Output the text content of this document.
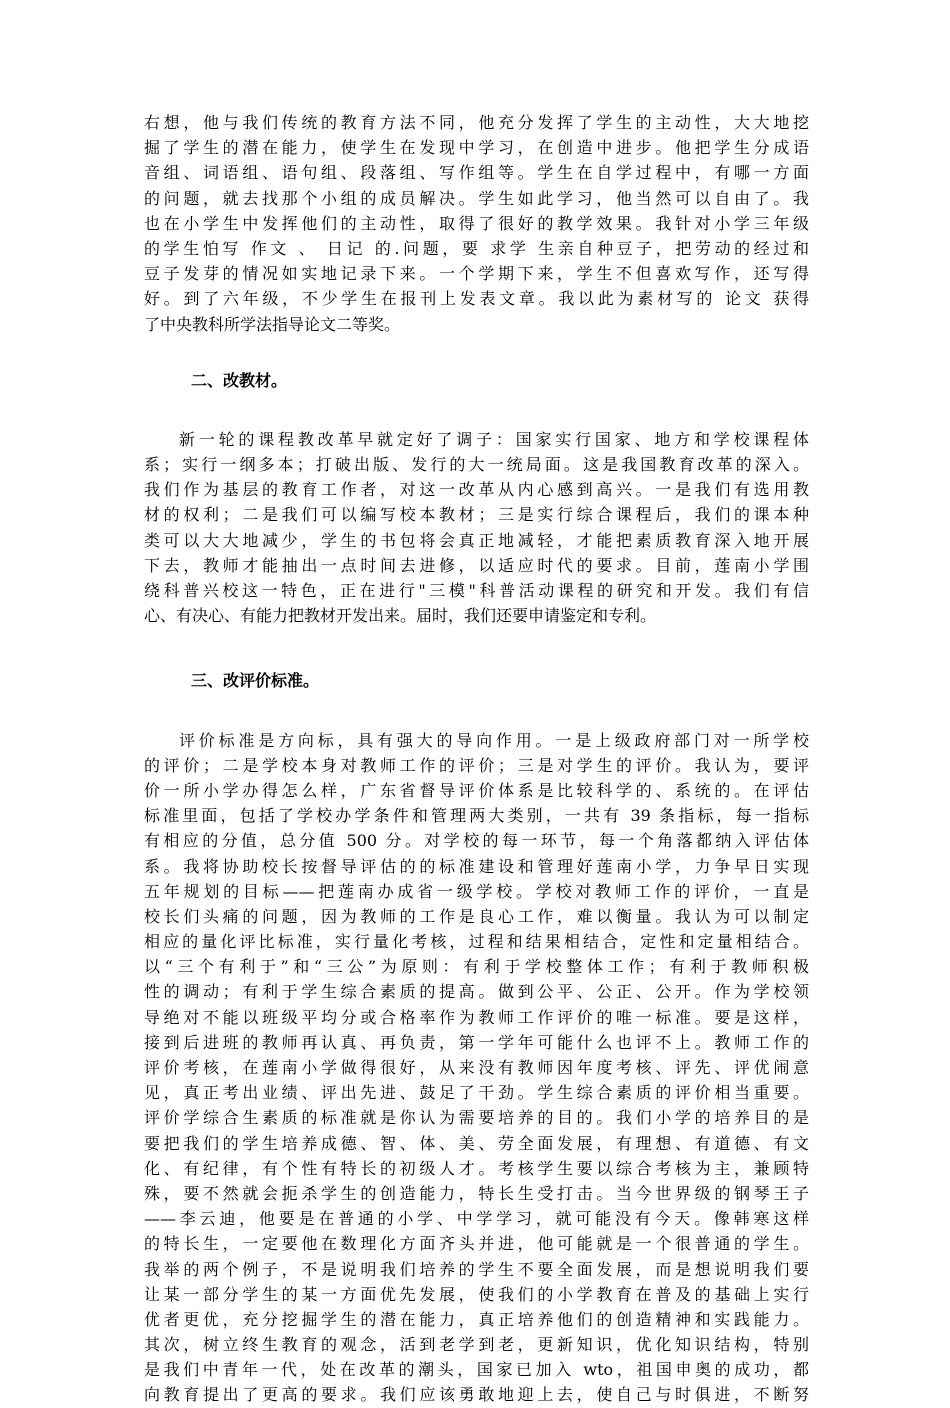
右想，他与我们传统的教育方法不同，他充分发挥了学生的主动性，大大地挖
掘了学生的潜在能力，使学生在发现中学习，在创造中进步。他把学生分成语
音组、词语组、语句组、段落组、写作组等。学生在自学过程中，有哪一方面
的问题，就去找那个小组的成员解决。学生如此学习，他当然可以自由了。我
也在小学生中发挥他们的主动性，取得了很好的教学效果。我针对小学三年级
的学生怕写 作文 、 日记 的.问题，要 求学 生亲自种豆子，把劳动的经过和
豆子发芽的情况如实地记录下来。一个学期下来，学生不但喜欢写作，还写得
好。到了六年级，不少学生在报刊上发表文章。我以此为素材写的 论文 获得
了中央教科所学法指导论文二等奖。
二、改教材。
新一轮的课程教改革早就定好了调子：国家实行国家、地方和学校课程体
系；实行一纲多本；打破出版、发行的大一统局面。这是我国教育改革的深入。
我们作为基层的教育工作者，对这一改革从内心感到高兴。一是我们有选用教
材的权利；二是我们可以编写校本教材；三是实行综合课程后，我们的课本种
类可以大大地减少，学生的书包将会真正地减轻，才能把素质教育深入地开展
下去，教师才能抽出一点时间去进修，以适应时代的要求。目前，莲南小学围
绕科普兴校这一特色，正在进行"三模"科普活动课程的研究和开发。我们有信
心、有决心、有能力把教材开发出来。届时，我们还要申请鉴定和专利。
三、改评价标准。
评价标准是方向标，具有强大的导向作用。一是上级政府部门对一所学校
的评价；二是学校本身对教师工作的评价；三是对学生的评价。我认为，要评
价一所小学办得怎么样，广东省督导评价体系是比较科学的、系统的。在评估
标准里面，包括了学校办学条件和管理两大类别，一共有 39 条指标，每一指标
有相应的分值，总分值 500 分。对学校的每一环节，每一个角落都纳入评估体
系。我将协助校长按督导评估的的标准建设和管理好莲南小学，力争早日实现
五年规划的目标——把莲南办成省一级学校。学校对教师工作的评价，一直是
校长们头痛的问题，因为教师的工作是良心工作，难以衡量。我认为可以制定
相应的量化评比标准，实行量化考核，过程和结果相结合，定性和定量相结合。
以“三个有利于”和“三公”为原则：有利于学校整体工作；有利于教师积极
性的调动；有利于学生综合素质的提高。做到公平、公正、公开。作为学校领
导绝对不能以班级平均分或合格率作为教师工作评价的唯一标准。要是这样，
接到后进班的教师再认真、再负责，第一学年可能什么也评不上。教师工作的
评价考核，在莲南小学做得很好，从来没有教师因年度考核、评先、评优闹意
见，真正考出业绩、评出先进、鼓足了干劲。学生综合素质的评价相当重要。
评价学综合生素质的标准就是你认为需要培养的目的。我们小学的培养目的是
要把我们的学生培养成德、智、体、美、劳全面发展，有理想、有道德、有文
化、有纪律，有个性有特长的初级人才。考核学生要以综合考核为主，兼顾特
殊，要不然就会扼杀学生的创造能力，特长生受打击。当今世界级的钢琴王子
——李云迪，他要是在普通的小学、中学学习，就可能没有今天。像韩寒这样
的特长生，一定要他在数理化方面齐头并进，他可能就是一个很普通的学生。
我举的两个例子，不是说明我们培养的学生不要全面发展，而是想说明我们要
让某一部分学生的某一方面优先发展，使我们的小学教育在普及的基础上实行
优者更优，充分挖掘学生的潜在能力，真正培养他们的创造精神和实践能力。
其次，树立终生教育的观念，活到老学到老，更新知识，优化知识结构，特别
是我们中青年一代，处在改革的潮头，国家已加入 wto，祖国申奥的成功，都
向教育提出了更高的要求。我们应该勇敢地迎上去，使自己与时俱进，不断努
